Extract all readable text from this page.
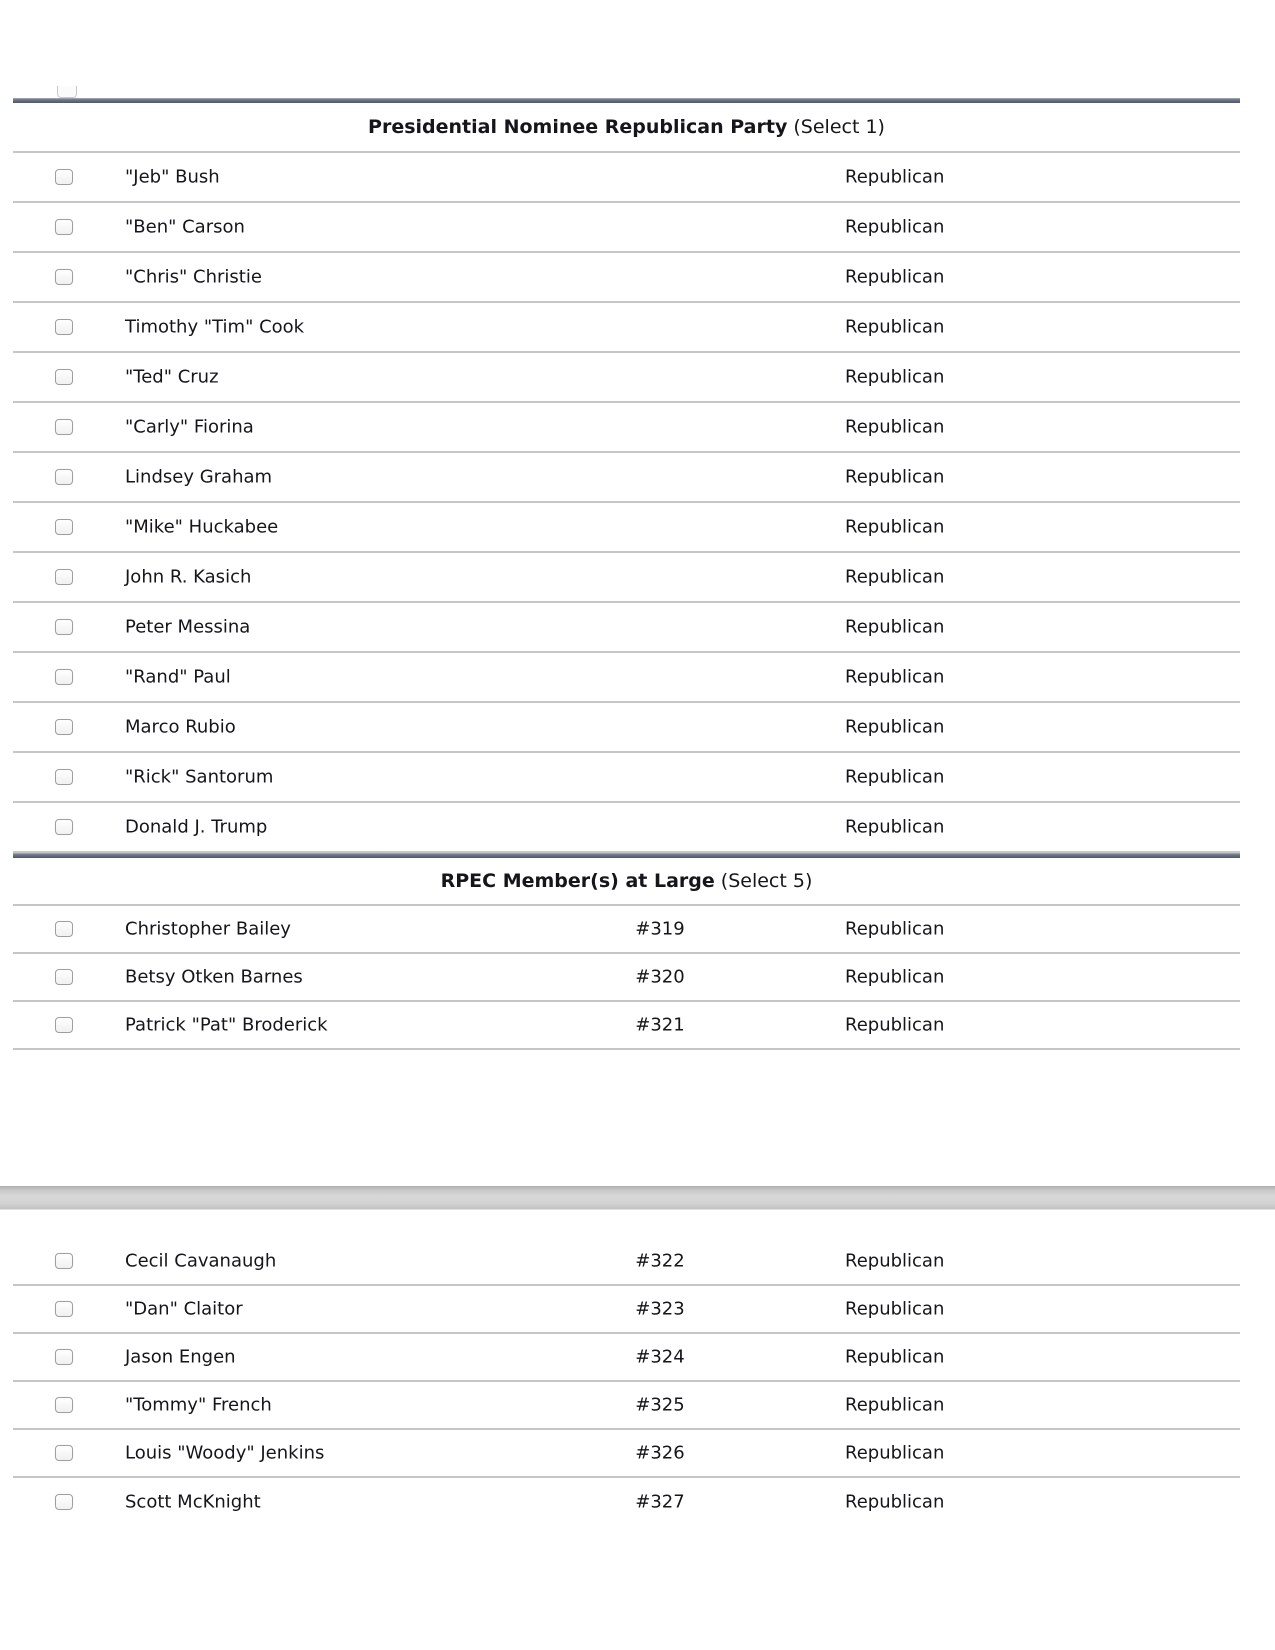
Presidential Nominee Republican Party
(Select 1)
"Jeb" Bush	Republican
"Ben" Carson	Republican
"Chris" Christie	Republican
Timothy "Tim" Cook	Republican
"Ted" Cruz	Republican
"Carly" Fiorina	Republican
Lindsey Graham	Republican
"Mike" Huckabee	Republican
John R. Kasich	Republican
Peter Messina	Republican
"Rand" Paul	Republican
Marco Rubio	Republican
"Rick" Santorum	Republican
Donald J. Trump	Republican
RPEC Member(s) at Large
(Select 5)
Christopher Bailey	#319	Republican
Betsy Otken Barnes	#320	Republican
Patrick "Pat" Broderick	#321	Republican
Cecil Cavanaugh	#322	Republican
"Dan" Claitor	#323	Republican
Jason Engen	#324	Republican
"Tommy" French	#325	Republican
Louis "Woody" Jenkins	#326	Republican
Scott McKnight	#327	Republican
